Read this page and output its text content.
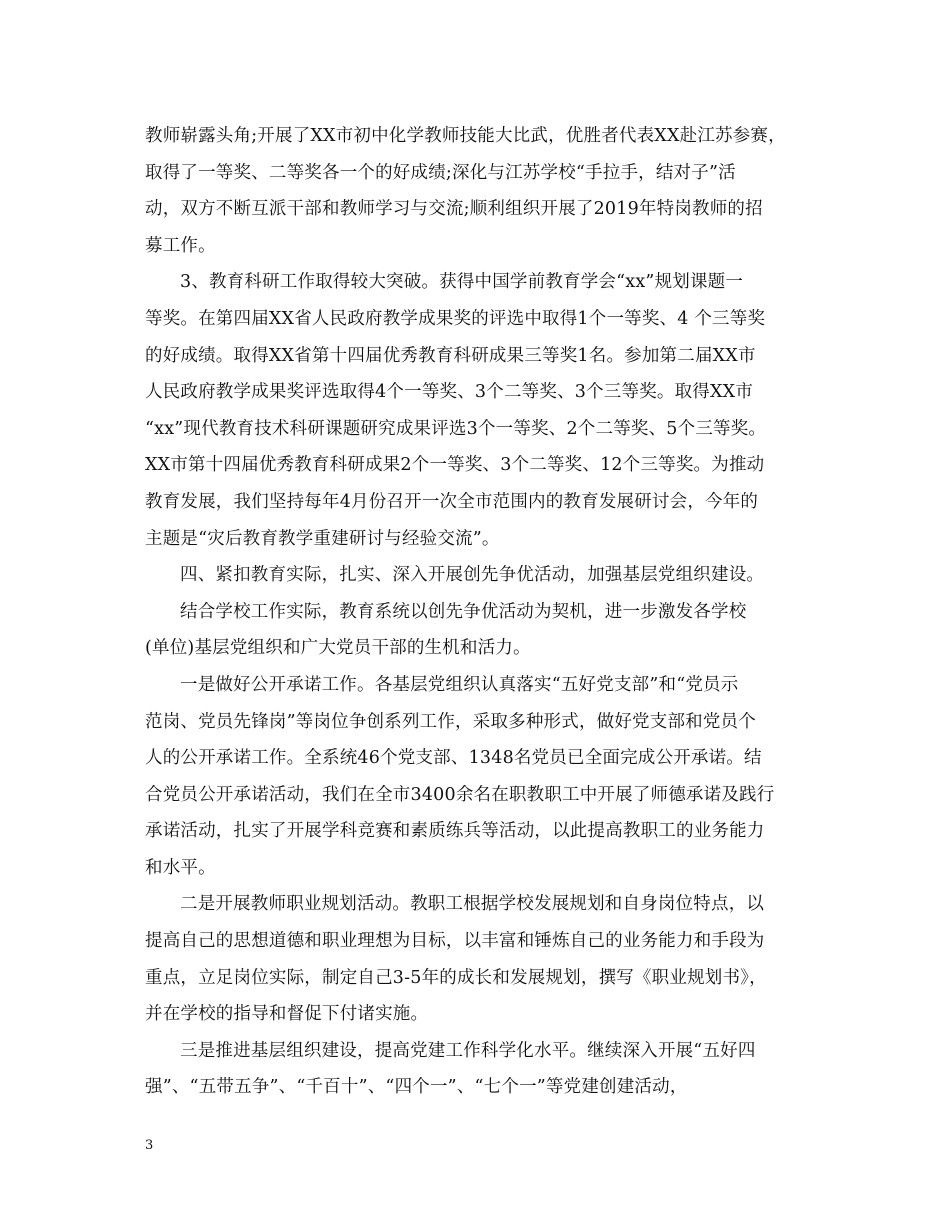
教师崭露头角;开展了XX市初中化学教师技能大比武，优胜者代表XX赴江苏参赛，
取得了一等奖、二等奖各一个的好成绩;深化与江苏学校“手拉手，结对子”活
动，双方不断互派干部和教师学习与交流;顺利组织开展了2019年特岗教师的招
募工作。
3、教育科研工作取得较大突破。获得中国学前教育学会“xx”规划课题一
等奖。在第四届XX省人民政府教学成果奖的评选中取得1个一等奖、4 个三等奖
的好成绩。取得XX省第十四届优秀教育科研成果三等奖1名。参加第二届XX市
人民政府教学成果奖评选取得4个一等奖、3个二等奖、3个三等奖。取得XX市
“xx”现代教育技术科研课题研究成果评选3个一等奖、2个二等奖、5个三等奖。
XX市第十四届优秀教育科研成果2个一等奖、3个二等奖、12个三等奖。为推动
教育发展，我们坚持每年4月份召开一次全市范围内的教育发展研讨会，今年的
主题是“灾后教育教学重建研讨与经验交流”。
四、紧扣教育实际，扎实、深入开展创先争优活动，加强基层党组织建设。
结合学校工作实际，教育系统以创先争优活动为契机，进一步激发各学校
(单位)基层党组织和广大党员干部的生机和活力。
一是做好公开承诺工作。各基层党组织认真落实“五好党支部”和“党员示
范岗、党员先锋岗”等岗位争创系列工作，采取多种形式，做好党支部和党员个
人的公开承诺工作。全系统46个党支部、1348名党员已全面完成公开承诺。结
合党员公开承诺活动，我们在全市3400余名在职教职工中开展了师德承诺及践行
承诺活动，扎实了开展学科竞赛和素质练兵等活动，以此提高教职工的业务能力
和水平。
二是开展教师职业规划活动。教职工根据学校发展规划和自身岗位特点，以
提高自己的思想道德和职业理想为目标，以丰富和锤炼自己的业务能力和手段为
重点，立足岗位实际，制定自己3-5年的成长和发展规划，撰写《职业规划书》，
并在学校的指导和督促下付诸实施。
三是推进基层组织建设，提高党建工作科学化水平。继续深入开展“五好四
强”、“五带五争”、“千百十”、“四个一”、“七个一”等党建创建活动，
3
